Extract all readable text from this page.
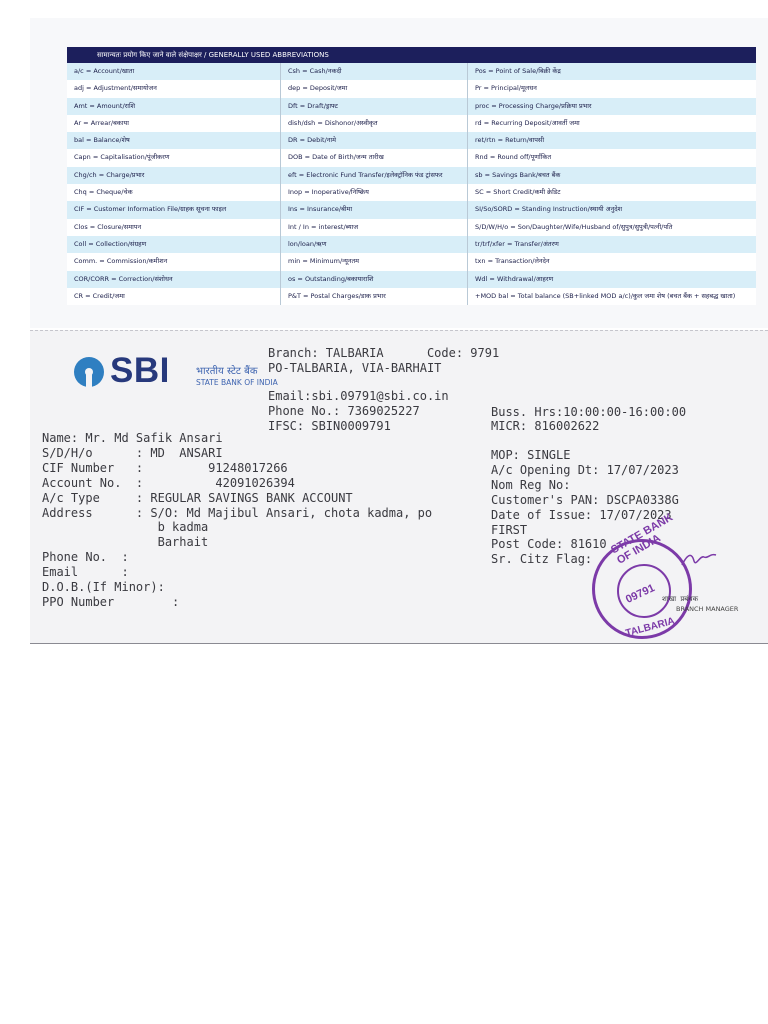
सामान्यतः प्रयोग किए जाने वाले संक्षेपाक्षर / GENERALLY USED ABBREVIATIONS
a/c = Account/खाता	Csh = Cash/नकदी	Pos = Point of Sale/बिक्री केंद्र
adj = Adjustment/समायोजन	dep = Deposit/जमा	Pr = Principal/मूलधन
Amt = Amount/राशि	Dft = Draft/ड्राफ्ट	proc = Processing Charge/प्रक्रिया प्रभार
Ar = Arrear/बकाया	dish/dsh = Dishonor/अस्वीकृत	rd = Recurring Deposit/आवर्ती जमा
bal = Balance/शेष	DR = Debit/नामे	ret/rtn = Return/वापसी
Capn = Capitalisation/पूंजीकरण	DOB = Date of Birth/जन्म तारीख	Rnd = Round off/पूर्णांकित
Chg/ch = Charge/प्रभार	eft = Electronic Fund Transfer/इलेक्ट्रॉनिक फंड ट्रांसफर	sb = Savings Bank/बचत बैंक
Chq = Cheque/चेक	Inop = Inoperative/निष्क्रिय	SC = Short Credit/कमी क्रेडिट
CIF = Customer Information File/ग्राहक सूचना फाइल	Ins = Insurance/बीमा	SI/So/SORD = Standing Instruction/स्थायी अनुदेश
Clos = Closure/समापन	Int / In = interest/ब्याज	S/D/W/H/o = Son/Daughter/Wife/Husband of/सुपुत्र/सुपुत्री/पत्नी/पति
Coll = Collection/संग्रहण	lon/loan/ऋण	tr/trf/xfer = Transfer/अंतरण
Comm. = Commission/कमीशन	min = Minimum/न्यूनतम	txn = Transaction/लेनदेन
COR/CORR = Correction/संशोधन	os = Outstanding/बकायाराशि	Wdl = Withdrawal/आहरण
CR = Credit/जमा	P&T = Postal Charges/डाक प्रभार	+MOD bal = Total balance (SB+linked MOD a/c)/कुल जमा शेष (बचत बैंक + सहबद्ध खाता)
SBI	भारतीय स्टेट बैंक
STATE BANK OF INDIA
Branch: TALBARIA      Code: 9791
PO-TALBARIA, VIA-BARHAIT
Email:sbi.09791@sbi.co.in
Phone No.: 7369025227
IFSC: SBIN0009791
Buss. Hrs:10:00:00-16:00:00
MICR: 816002622
Name: Mr. Md Safik Ansari
S/D/H/o      : MD  ANSARI
CIF Number   :         91248017266
Account No.  :          42091026394
A/c Type     : REGULAR SAVINGS BANK ACCOUNT
Address      : S/O: Md Majibul Ansari, chota kadma, po
b kadma
Barhait
Phone No.  :
Email      :
D.O.B.(If Minor):
PPO Number        :
MOP: SINGLE
A/c Opening Dt: 17/07/2023
Nom Reg No:
Customer's PAN: DSCPA0338G
Date of Issue: 17/07/2023
FIRST
Post Code: 81610
Sr. Citz Flag:
STATE BANK OF INDIA
09791
TALBARIA
शाखा प्रबंधक
BRANCH MANAGER
